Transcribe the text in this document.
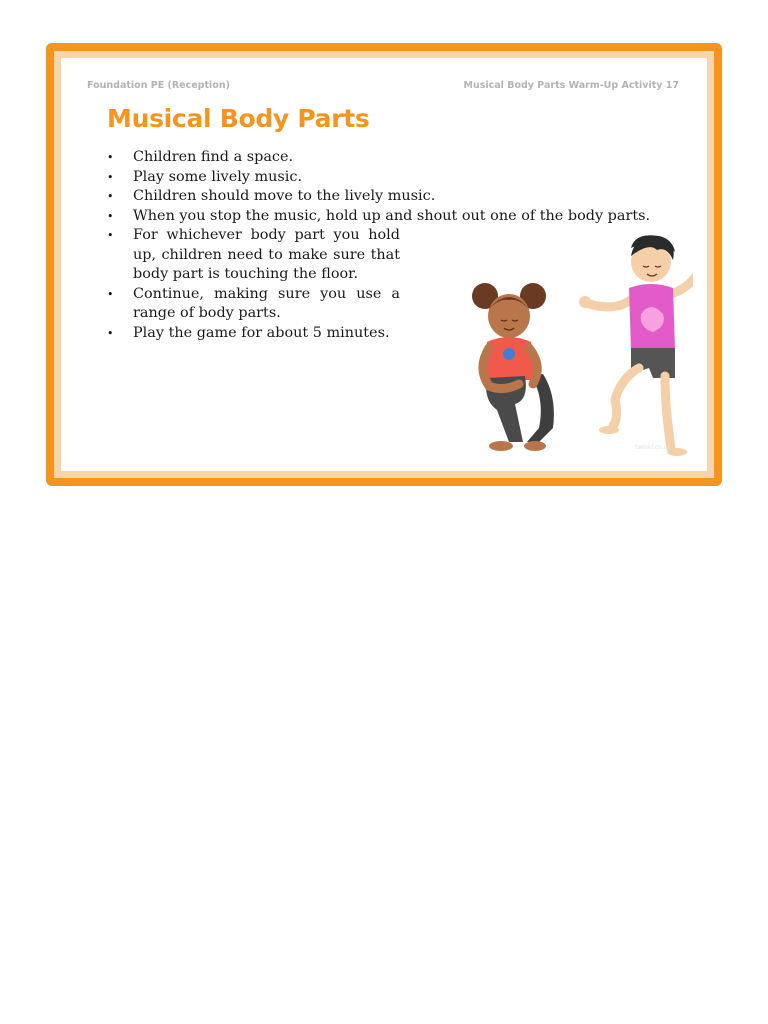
Foundation PE (Reception)	Musical Body Parts Warm-Up Activity 17
Musical Body Parts
• Children find a space.
• Play some lively music.
• Children should move to the lively music.
• When you stop the music, hold up and shout out one of the body parts.
• For whichever body part you hold up, children need to make sure that body part is touching the floor.
• Continue, making sure you use a range of body parts.
• Play the game for about 5 minutes.
twinkl.co.uk
